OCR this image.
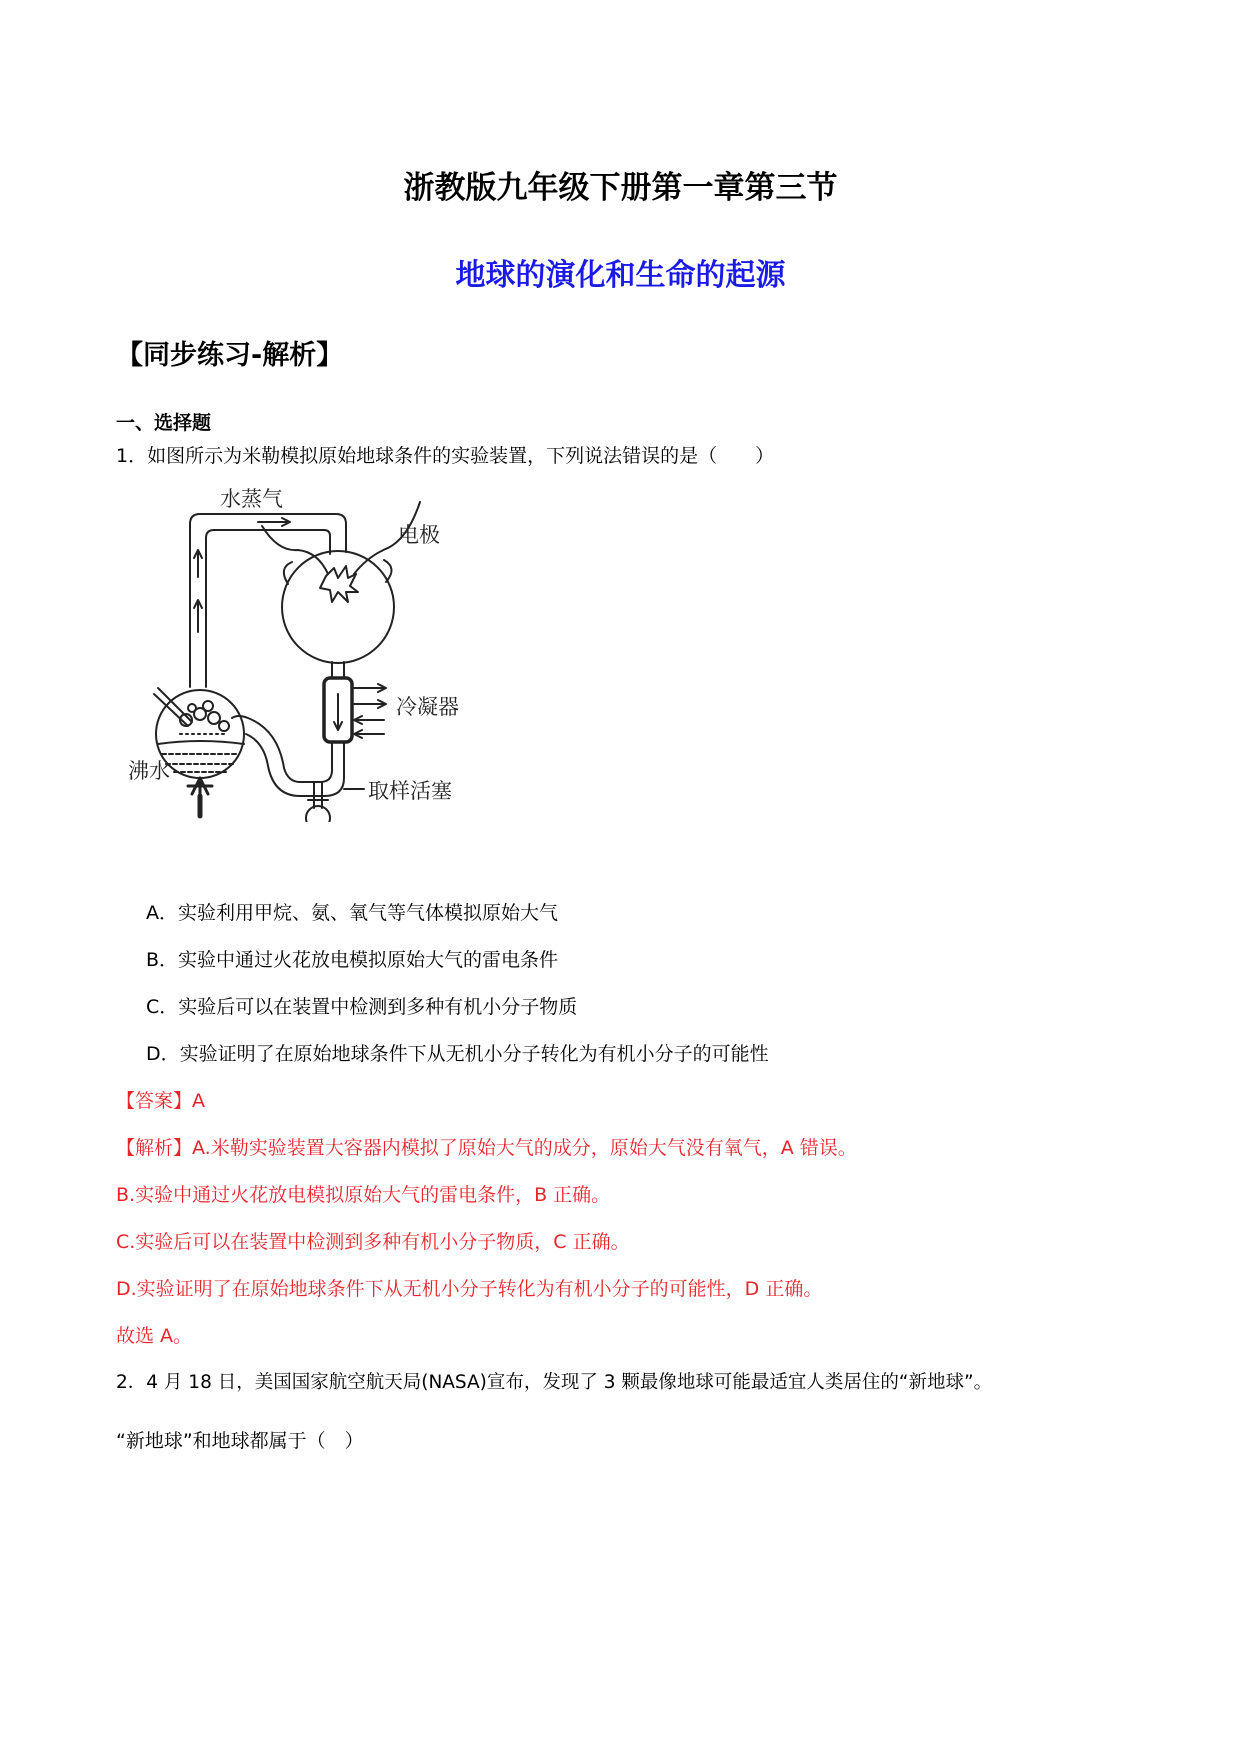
浙教版九年级下册第一章第三节
地球的演化和生命的起源
【同步练习-解析】
一、选择题
1．如图所示为米勒模拟原始地球条件的实验装置，下列说法错误的是（　　）
水蒸气
电极
冷凝器
沸水
取样活塞
A．实验利用甲烷、氨、氧气等气体模拟原始大气
B．实验中通过火花放电模拟原始大气的雷电条件
C．实验后可以在装置中检测到多种有机小分子物质
D．实验证明了在原始地球条件下从无机小分子转化为有机小分子的可能性
【答案】A
【解析】A.米勒实验装置大容器内模拟了原始大气的成分，原始大气没有氧气，A 错误。
B.实验中通过火花放电模拟原始大气的雷电条件，B 正确。
C.实验后可以在装置中检测到多种有机小分子物质，C 正确。
D.实验证明了在原始地球条件下从无机小分子转化为有机小分子的可能性，D 正确。
故选 A。
2．4 月 18 日，美国国家航空航天局(NASA)宣布，发现了 3 颗最像地球可能最适宜人类居住的“新地球”。
“新地球”和地球都属于（　）
